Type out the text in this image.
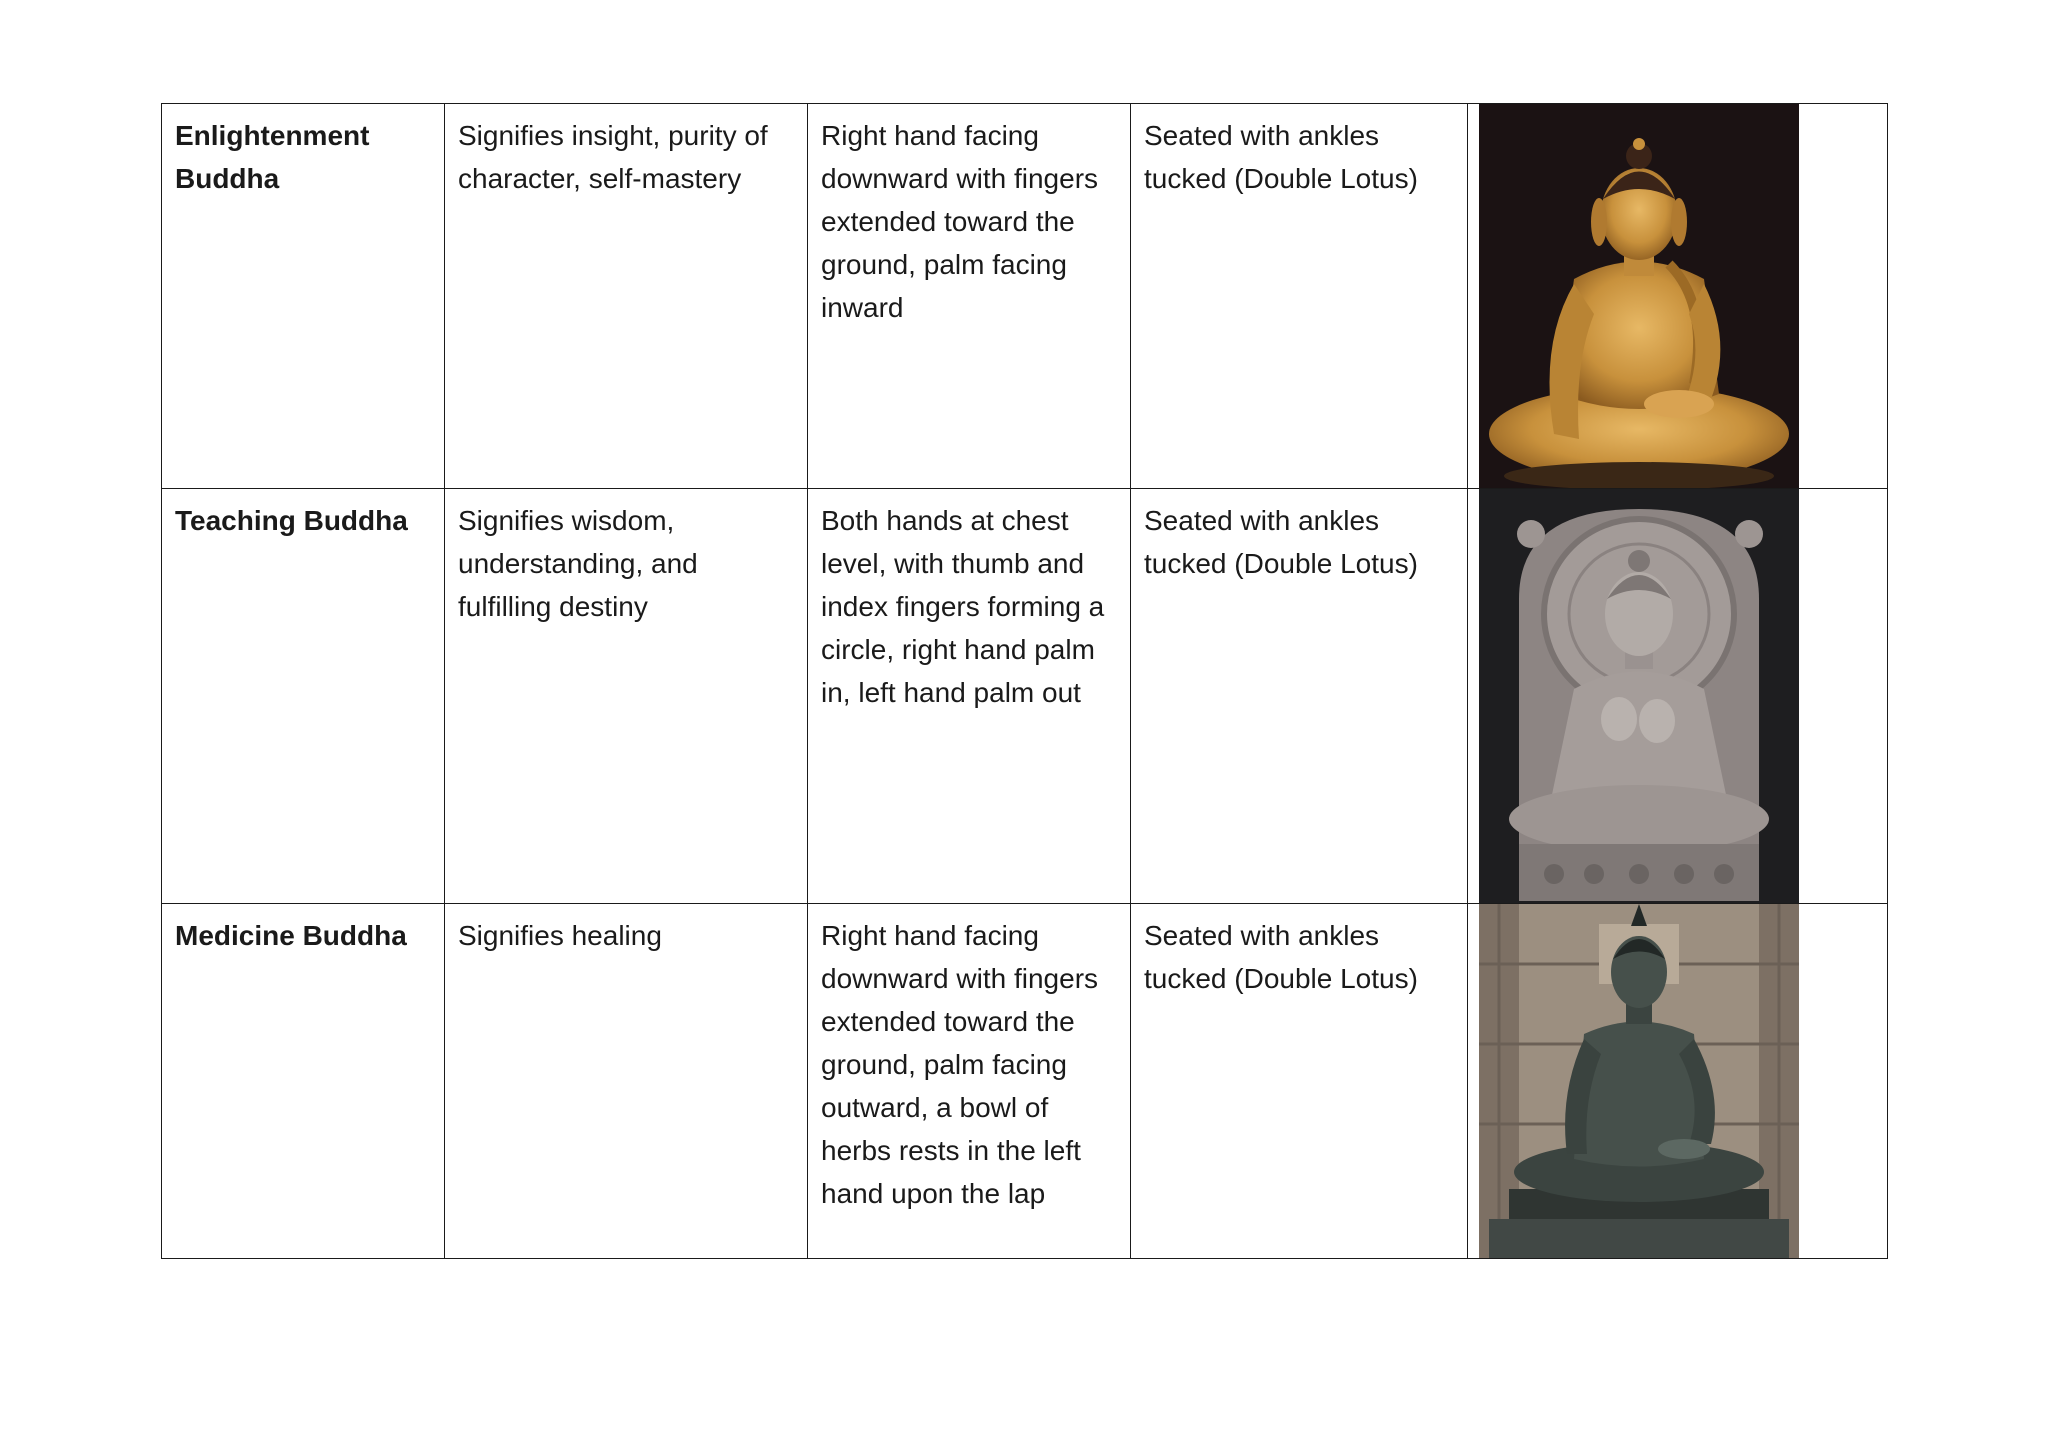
Enlightenment Buddha	Signifies insight, purity of character, self-mastery	Right hand facing downward with fingers extended toward the ground, palm facing inward	Seated with ankles tucked (Double Lotus)	

Teaching Buddha	Signifies wisdom, understanding, and fulfilling destiny	Both hands at chest level, with thumb and index fingers forming a circle, right hand palm in, left hand palm out	Seated with ankles tucked (Double Lotus)	

Medicine Buddha	Signifies healing	Right hand facing downward with fingers extended toward the ground, palm facing outward, a bowl of herbs rests in the left hand upon the lap	Seated with ankles tucked (Double Lotus)	
